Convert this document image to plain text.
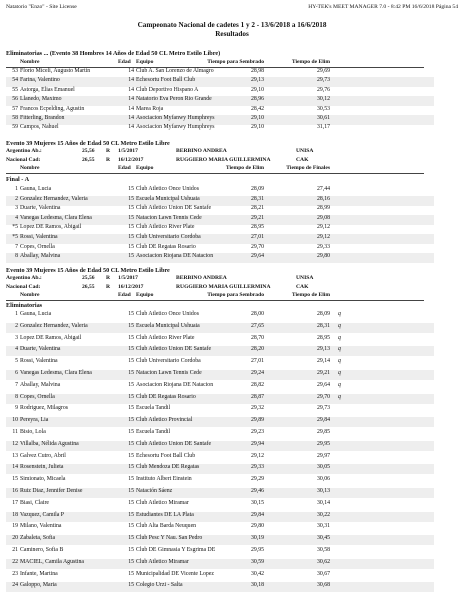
Natatorio "Enzo" - Site License	HY-TEK's MEET MANAGER 7.0 - 8:42 PM 16/6/2018 Página 54
Campeonato Nacional de cadetes 1 y 2 - 13/6/2018 a 16/6/2018
Resultados
Eliminatorias ... (Evento 38 Hombres 14 Años de Edad 50 CL Metro Estilo Libre)
Nombre	Edad Equipo	Tiempo para Sembrado	Tiempo de Elim
53 Florio Miceli, Augusto Martin	14 Club A. San Lorenzo de Almagro	28,98	29,69
54 Farina, Valentino	14 Echesortu Foot Ball Club	29,13	29,73
55 Astorga, Elias Emanuel	14 Club Deportivo Hispano A	29,10	29,76
56 Llanedo, Maximo	14 Natatorio Eva Peron Rio Grande	28,96	30,12
57 Francos Ecpelding, Agustin	14 Marea Roja	28,42	30,53
58 Fitterling, Brandon	14 Asociacion Myfanwy Humphreys	29,10	30,61
59 Campos, Nahuel	14 Asociacion Myfanwy Humphreys	29,10	31,17
Evento 39 Mujeres 15 Años de Edad 50 CL Metro Estilo Libre
Argentino Ab.:	25,56 R 1/5/2017	BERBINO ANDREA	UNISA
Nacional Cad:	26,55 R 16/12/2017	RUGGIERO MARIA GUILLERMINA	CAK
Nombre	Edad Equipo	Tiempo de Elim	Tiempo de Finales
Final - A
1 Gauna, Lucia	15 Club Atletico Once Unidos	28,09	27,44
2 Gonzalez Hernandez, Valeria	15 Escuela Municipal Ushuaia	28,31	28,16
3 Duarte, Valentina	15 Club Atletico Union DE Santafe	28,21	28,99
4 Vanegas Ledesma, Clara Elena	15 Natacion Lawn Tennis Cede	29,21	29,08
*5 Lopez DE Ramos, Abigail	15 Club Atletico River Plate	28,95	29,12
*5 Rossi, Valentina	15 Club Universitario Cordoba	27,01	29,12
7 Copes, Ornella	15 Club DE Regatas Rosario	29,70	29,33
8 Aballay, Malvina	15 Asociacion Riojana DE Natacion	29,64	29,80
Evento 39 Mujeres 15 Años de Edad 50 CL Metro Estilo Libre
Argentino Ab.:	25,56 R 1/5/2017	BERBINO ANDREA	UNISA
Nacional Cad:	26,55 R 16/12/2017	RUGGIERO MARIA GUILLERMINA	CAK
Nombre	Edad Equipo	Tiempo para Sembrado	Tiempo de Elim
Eliminatorias
1 Gauna, Lucia	15 Club Atletico Once Unidos	28,00	28,09 q
2 Gonzalez Hernandez, Valeria	15 Escuela Municipal Ushuaia	27,65	28,31 q
3 Lopez DE Ramos, Abigail	15 Club Atletico River Plate	28,70	28,95 q
4 Duarte, Valentina	15 Club Atletico Union DE Santafe	28,20	29,13 q
5 Rossi, Valentina	15 Club Universitario Cordoba	27,01	29,14 q
6 Vanegas Ledesma, Clara Elena	15 Natacion Lawn Tennis Cede	29,24	29,21 q
7 Aballay, Malvina	15 Asociacion Riojana DE Natacion	28,82	29,64 q
8 Copes, Ornella	15 Club DE Regatas Rosario	28,87	29,70 q
9 Rodriguez, Milagros	15 Escuela Tandil	29,32	29,73
10 Pereyra, Lia	15 Club Atletico Provincial	29,89	29,84
11 Bisio, Lola	15 Escuela Tandil	29,23	29,85
12 Villalba, Nélida Agustina	15 Club Atletico Union DE Santafe	29,94	29,95
13 Galvez Cutro, Abril	15 Echesortu Foot Ball Club	29,12	29,97
14 Rosenstein, Julieta	15 Club Mendoza DE Regatas	29,33	30,05
15 Simionato, Micaela	15 Instituto Albert Einstein	29,29	30,06
16 Ruiz Diaz, Jennifer Denise	15 Natación Sáenz	29,46	30,13
17 Biasi, Claire	15 Club Atletico Miramar	30,15	30,14
18 Vazquez, Camila P	15 Estudiantes DE LA Plata	29,84	30,22
19 Milano, Valentina	15 Club Alta Barda Neuquen	29,80	30,31
20 Zabaleta, Sofia	15 Club Pesc Y Nau. San Pedro	30,19	30,45
21 Caminero, Sofia B	15 Club DE Gimnasia Y Esgrima DE	29,95	30,58
22 MACIEL, Camila Agustina	15 Club Atletico Miramar	30,59	30,62
23 Infante, Martina	15 Municipalidad DE Vicente Lopez	30,42	30,67
24 Galoppo, Maria	15 Colegio Urzi - Salta	30,18	30,68
